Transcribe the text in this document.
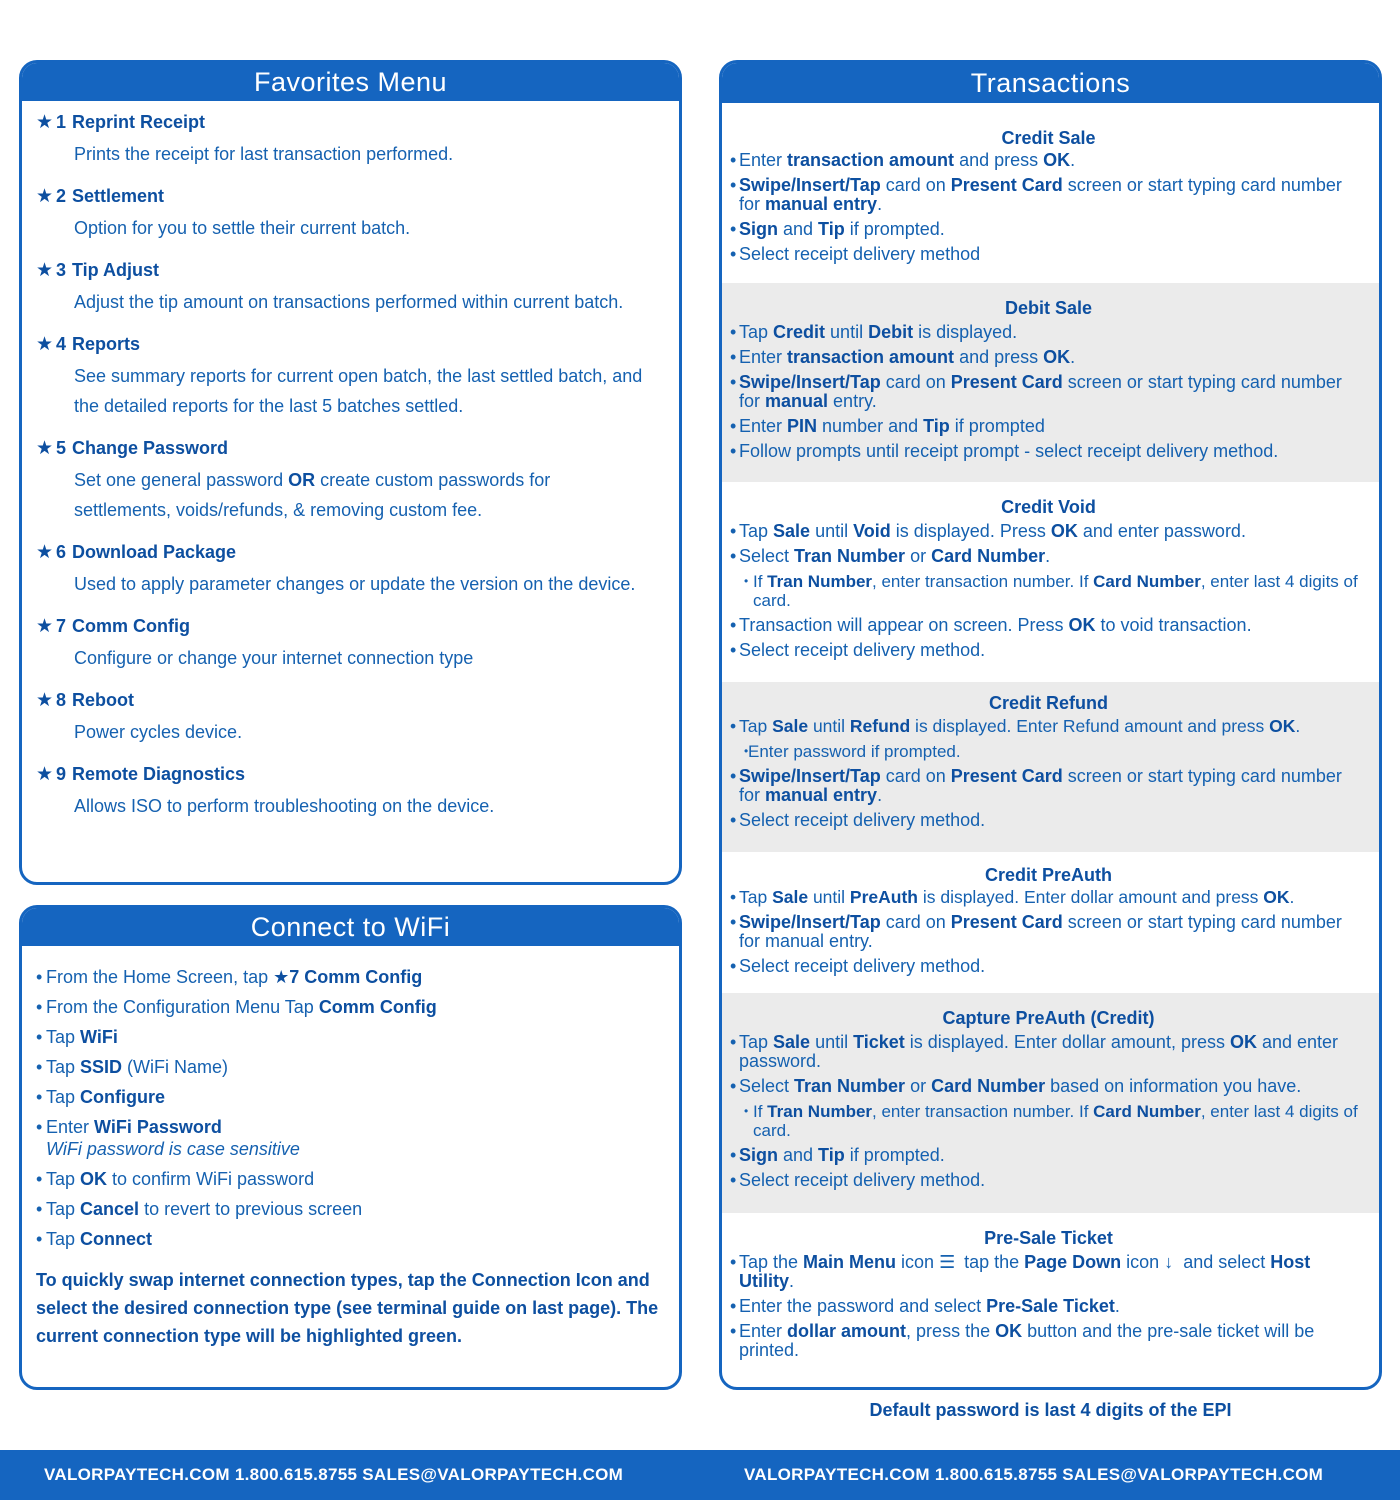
Favorites Menu
★ 1 Reprint Receipt
Prints the receipt for last transaction performed.
★ 2 Settlement
Option for you to settle their current batch.
★ 3 Tip Adjust
Adjust the tip amount on transactions performed within current batch.
★ 4 Reports
See summary reports for current open batch, the last settled batch, and the detailed reports for the last 5 batches settled.
★ 5 Change Password
Set one general password OR create custom passwords for settlements, voids/refunds, & removing custom fee.
★ 6 Download Package
Used to apply parameter changes or update the version on the device.
★ 7 Comm Config
Configure or change your internet connection type
★ 8 Reboot
Power cycles device.
★ 9 Remote Diagnostics
Allows ISO to perform troubleshooting on the device.
Connect to WiFi
• From the Home Screen, tap ★7 Comm Config
• From the Configuration Menu Tap Comm Config
• Tap WiFi
• Tap SSID (WiFi Name)
• Tap Configure
• Enter WiFi Password
WiFi password is case sensitive
• Tap OK to confirm WiFi password
• Tap Cancel to revert to previous screen
• Tap Connect
To quickly swap internet connection types, tap the Connection Icon and select the desired connection type (see terminal guide on last page). The current connection type will be highlighted green.
Transactions
Credit Sale
• Enter transaction amount and press OK.
• Swipe/Insert/Tap card on Present Card screen or start typing card number for manual entry.
• Sign and Tip if prompted.
• Select receipt delivery method
Debit Sale
• Tap Credit until Debit is displayed.
• Enter transaction amount and press OK.
• Swipe/Insert/Tap card on Present Card screen or start typing card number for manual entry.
• Enter PIN number and Tip if prompted
• Follow prompts until receipt prompt - select receipt delivery method.
Credit Void
• Tap Sale until Void is displayed. Press OK and enter password.
• Select Tran Number or Card Number.
• If Tran Number, enter transaction number. If Card Number, enter last 4 digits of card.
• Transaction will appear on screen. Press OK to void transaction.
• Select receipt delivery method.
Credit Refund
• Tap Sale until Refund is displayed. Enter Refund amount and press OK.
• Enter password if prompted.
• Swipe/Insert/Tap card on Present Card screen or start typing card number for manual entry.
• Select receipt delivery method.
Credit PreAuth
• Tap Sale until PreAuth is displayed. Enter dollar amount and press OK.
• Swipe/Insert/Tap card on Present Card screen or start typing card number for manual entry.
• Select receipt delivery method.
Capture PreAuth (Credit)
• Tap Sale until Ticket is displayed. Enter dollar amount, press OK and enter password.
• Select Tran Number or Card Number based on information you have.
• If Tran Number, enter transaction number. If Card Number, enter last 4 digits of card.
• Sign and Tip if prompted.
• Select receipt delivery method.
Pre-Sale Ticket
• Tap the Main Menu icon ☰ tap the Page Down icon ↓ and select Host Utility.
• Enter the password and select Pre-Sale Ticket.
• Enter dollar amount, press the OK button and the pre-sale ticket will be printed.
Default password is last 4 digits of the EPI
VALORPAYTECH.COM 1.800.615.8755 SALES@VALORPAYTECH.COM	VALORPAYTECH.COM 1.800.615.8755 SALES@VALORPAYTECH.COM
